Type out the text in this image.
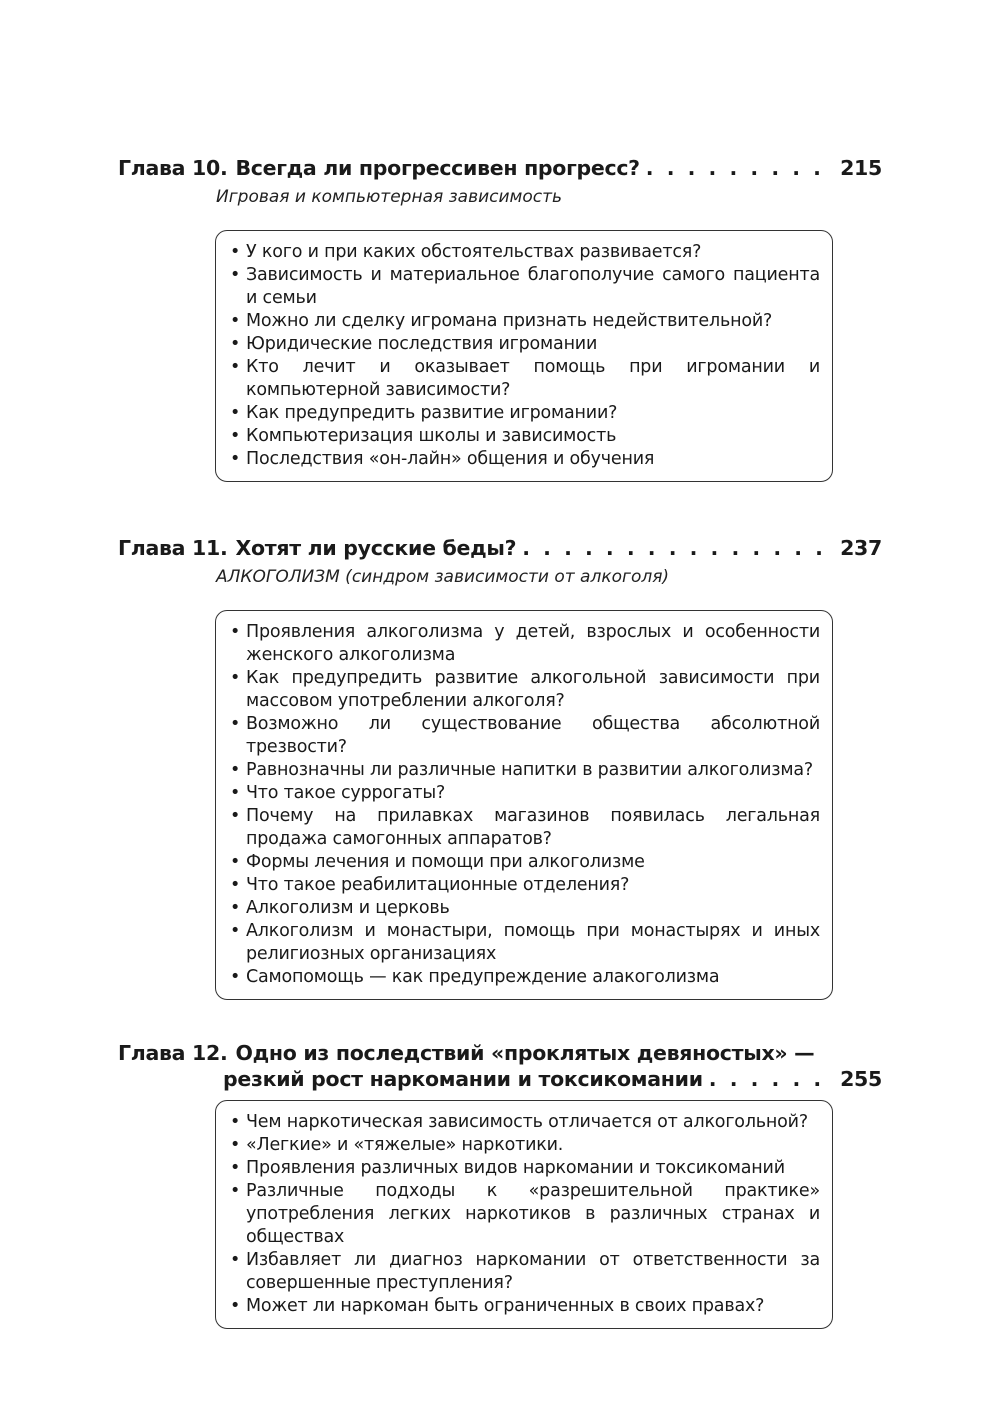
Глава 10. Всегда ли прогрессивен прогресс? . . .	215
Игровая и компьютерная зависимость
• У кого и при каких обстоятельствах развивается?
• Зависимость и материальное благополучие самого пациента и семьи
• Можно ли сделку игромана признать недействительной?
• Юридические последствия игромании
• Кто лечит и оказывает помощь при игромании и компьютерной зависимости?
• Как предупредить развитие игромании?
• Компьютеризация школы и зависимость
• Последствия «он-лайн» общения и обучения
Глава 11. Хотят ли русские беды? . . .	237
АЛКОГОЛИЗМ (синдром зависимости от алкоголя)
• Проявления алкоголизма у детей, взрослых и особенности женского алкоголизма
• Как предупредить развитие алкогольной зависимости при массовом употреблении алкоголя?
• Возможно ли существование общества абсолютной трезвости?
• Равнозначны ли различные напитки в развитии алкоголизма?
• Что такое суррогаты?
• Почему на прилавках магазинов появилась легальная продажа самогонных аппаратов?
• Формы лечения и помощи при алкоголизме
• Что такое реабилитационные отделения?
• Алкоголизм и церковь
• Алкоголизм и монастыри, помощь при монастырях и иных религиозных организациях
• Самопомощь — как предупреждение алакоголизма
Глава 12. Одно из последствий «проклятых девяностых» —
резкий рост наркомании и токсикомании . . .	255
• Чем наркотическая зависимость отличается от алкогольной?
• «Легкие» и «тяжелые» наркотики.
• Проявления различных видов наркомании и токсикоманий
• Различные подходы к «разрешительной практике» употребления легких наркотиков в различных странах и обществах
• Избавляет ли диагноз наркомании от ответственности за совершенные преступления?
• Может ли наркоман быть ограниченных в своих правах?
